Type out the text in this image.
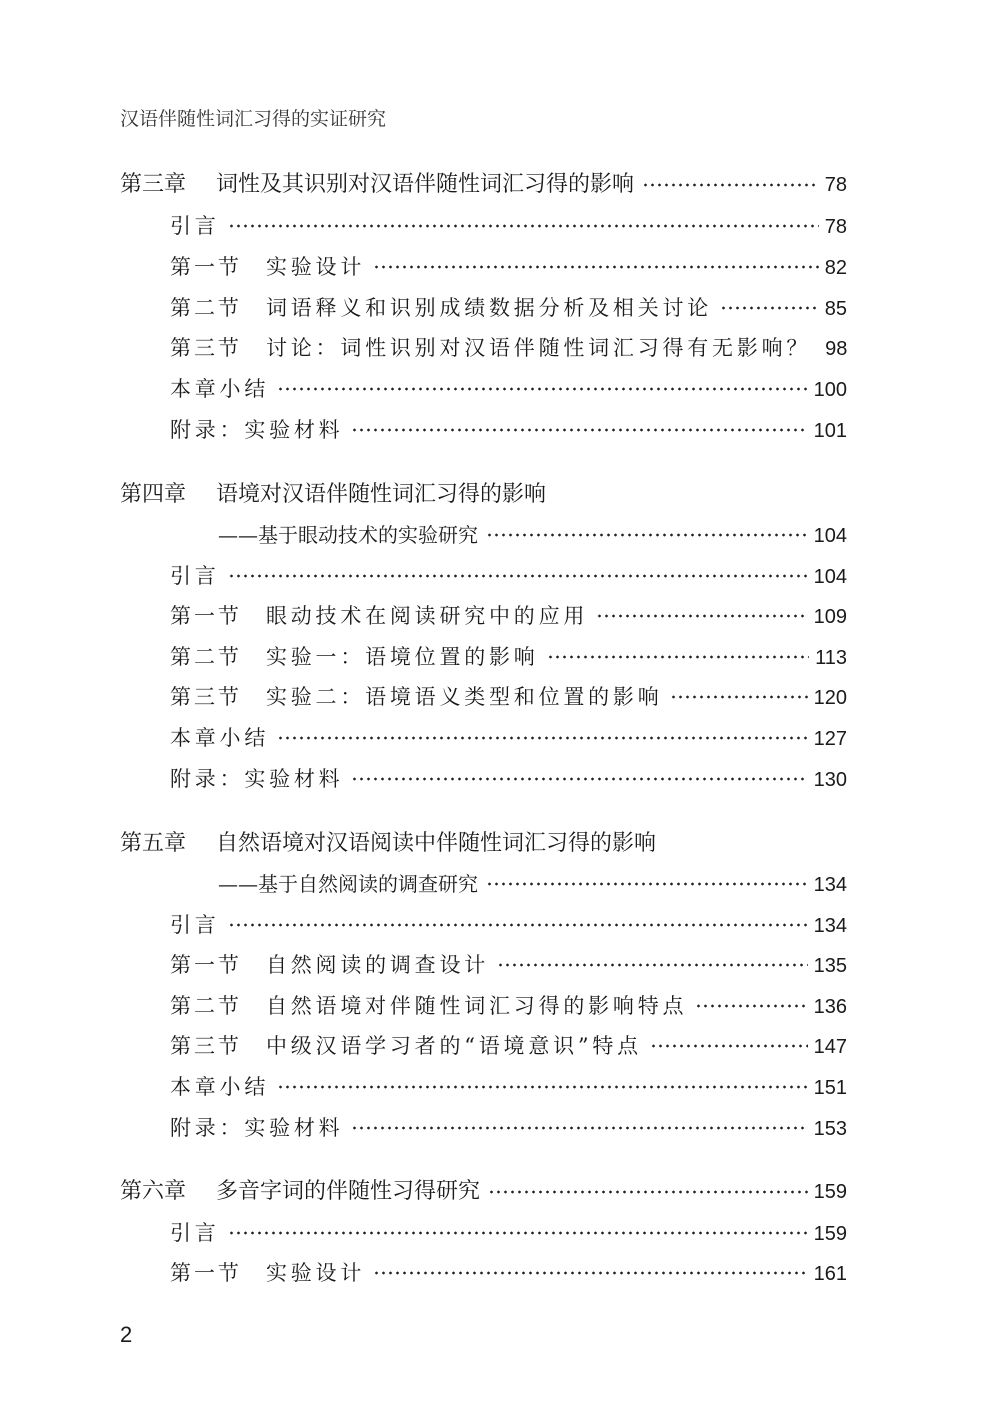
汉语伴随性词汇习得的实证研究
第三章	词性及其识别对汉语伴随性词汇习得的影响	78
引言	78
第一节	实验设计	82
第二节	词语释义和识别成绩数据分析及相关讨论	85
第三节	讨论：词性识别对汉语伴随性词汇习得有无影响？ 98
本章小结	100
附录：实验材料	101
第四章	语境对汉语伴随性词汇习得的影响
——基于眼动技术的实验研究	104
引言	104
第一节	眼动技术在阅读研究中的应用	109
第二节	实验一：语境位置的影响	113
第三节	实验二：语境语义类型和位置的影响	120
本章小结	127
附录：实验材料	130
第五章	自然语境对汉语阅读中伴随性词汇习得的影响
——基于自然阅读的调查研究	134
引言	134
第一节	自然阅读的调查设计	135
第二节	自然语境对伴随性词汇习得的影响特点	136
第三节	中级汉语学习者的“语境意识”特点	147
本章小结	151
附录：实验材料	153
第六章	多音字词的伴随性习得研究	159
引言	159
第一节	实验设计	161
2
